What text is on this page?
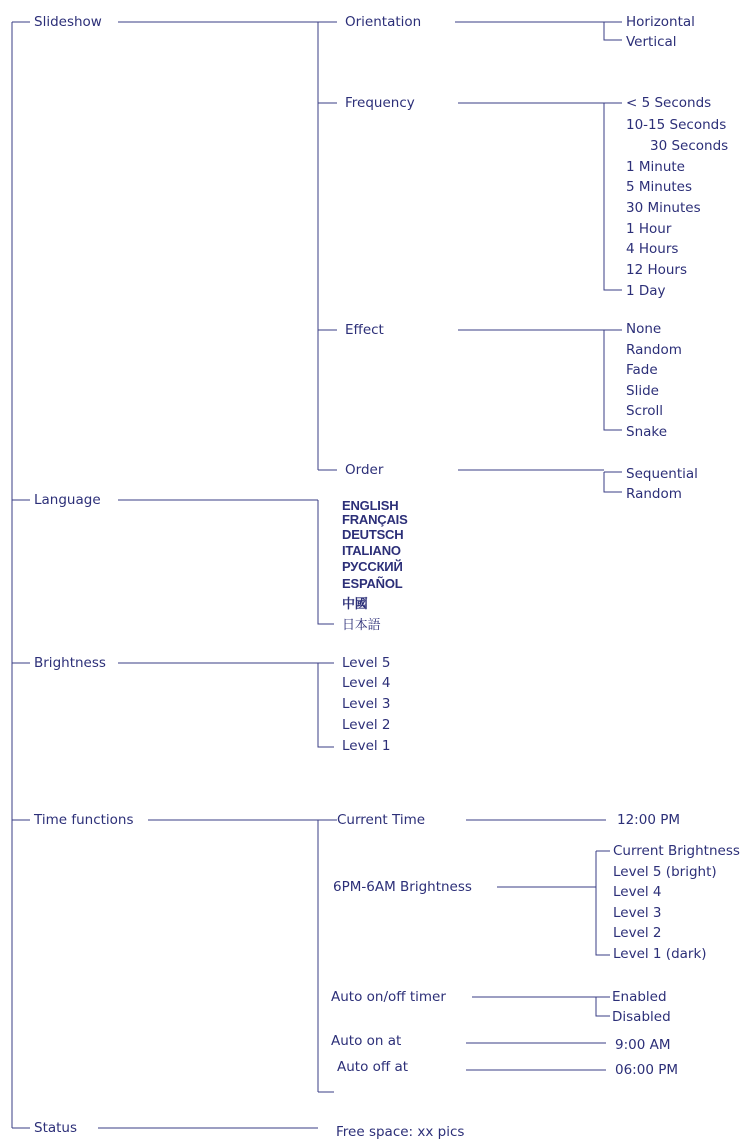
Slideshow
Language
Brightness
Time functions
Status
Orientation
Frequency
Effect
Order
Horizontal
Vertical
< 5 Seconds
10-15 Seconds
30 Seconds
1 Minute
5 Minutes
30 Minutes
1 Hour
4 Hours
12 Hours
1 Day
None
Random
Fade
Slide
Scroll
Snake
Sequential
Random
ENGLISH
FRANÇAIS
DEUTSCH
ITALIANO
РУССКИЙ
ESPAÑOL
中國
日本語
Level 5
Level 4
Level 3
Level 2
Level 1
Current Time	12:00 PM
6PM-6AM Brightness
Current Brightness
Level 5 (bright)
Level 4
Level 3
Level 2
Level 1 (dark)
Auto on/off timer	Enabled
Disabled
Auto on at	9:00 AM
Auto off at	06:00 PM
Free space: xx pics
